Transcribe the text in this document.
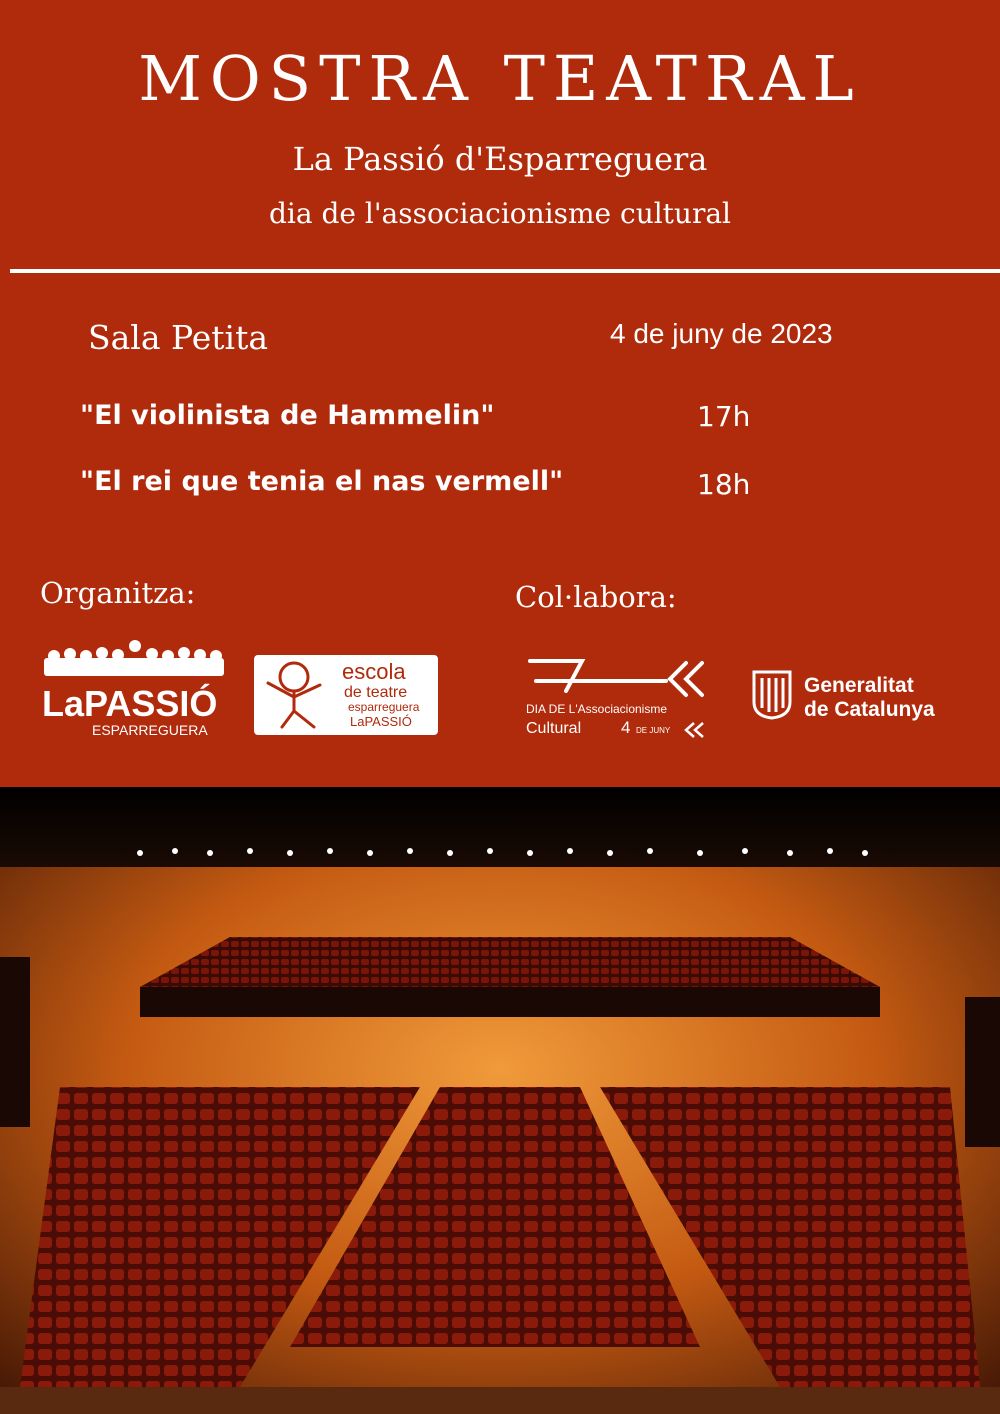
MOSTRA TEATRAL
La Passió d'Esparreguera
dia de l'associacionisme cultural
Sala Petita	4 de juny de 2023
"El violinista de Hammelin"	17h
"El rei que tenia el nas vermell"	18h
Organitza:	Col·labora:
LaPASSIÓ
ESPARREGUERA
escola
de teatre
esparreguera
LaPASSIÓ
DIA DE L'Associacionisme
Cultural 4 DE JUNY
Generalitat
de Catalunya
